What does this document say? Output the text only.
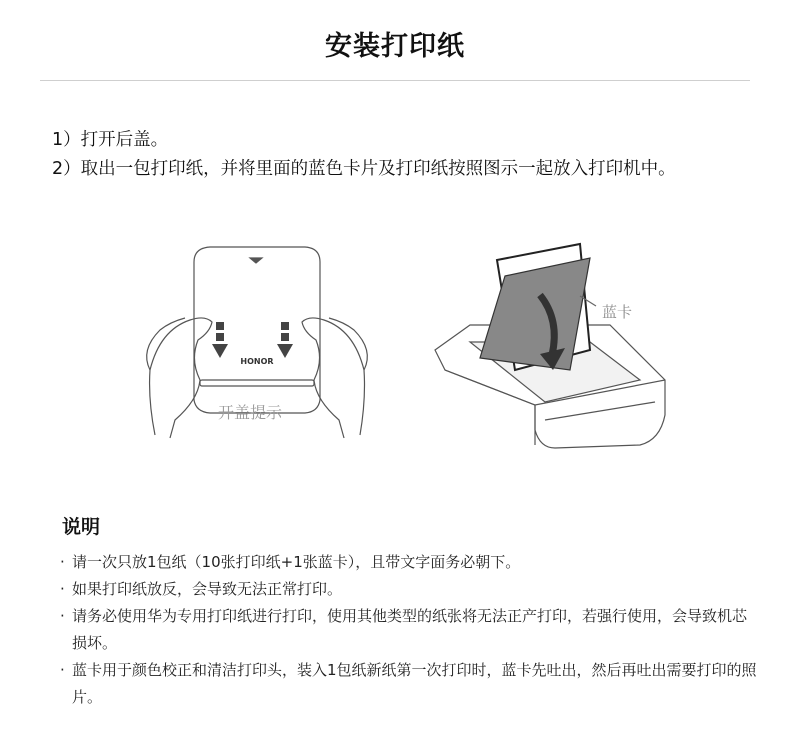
安装打印纸
1）打开后盖。
2）取出一包打印纸，并将里面的蓝色卡片及打印纸按照图示一起放入打印机中。
HONOR
开盖提示
蓝卡
说明
· 请一次只放1包纸（10张打印纸+1张蓝卡），且带文字面务必朝下。
· 如果打印纸放反，会导致无法正常打印。
· 请务必使用华为专用打印纸进行打印，使用其他类型的纸张将无法正产打印，若强行使用，会导致机芯损坏。
· 蓝卡用于颜色校正和清洁打印头，装入1包纸新纸第一次打印时，蓝卡先吐出，然后再吐出需要打印的照片。
